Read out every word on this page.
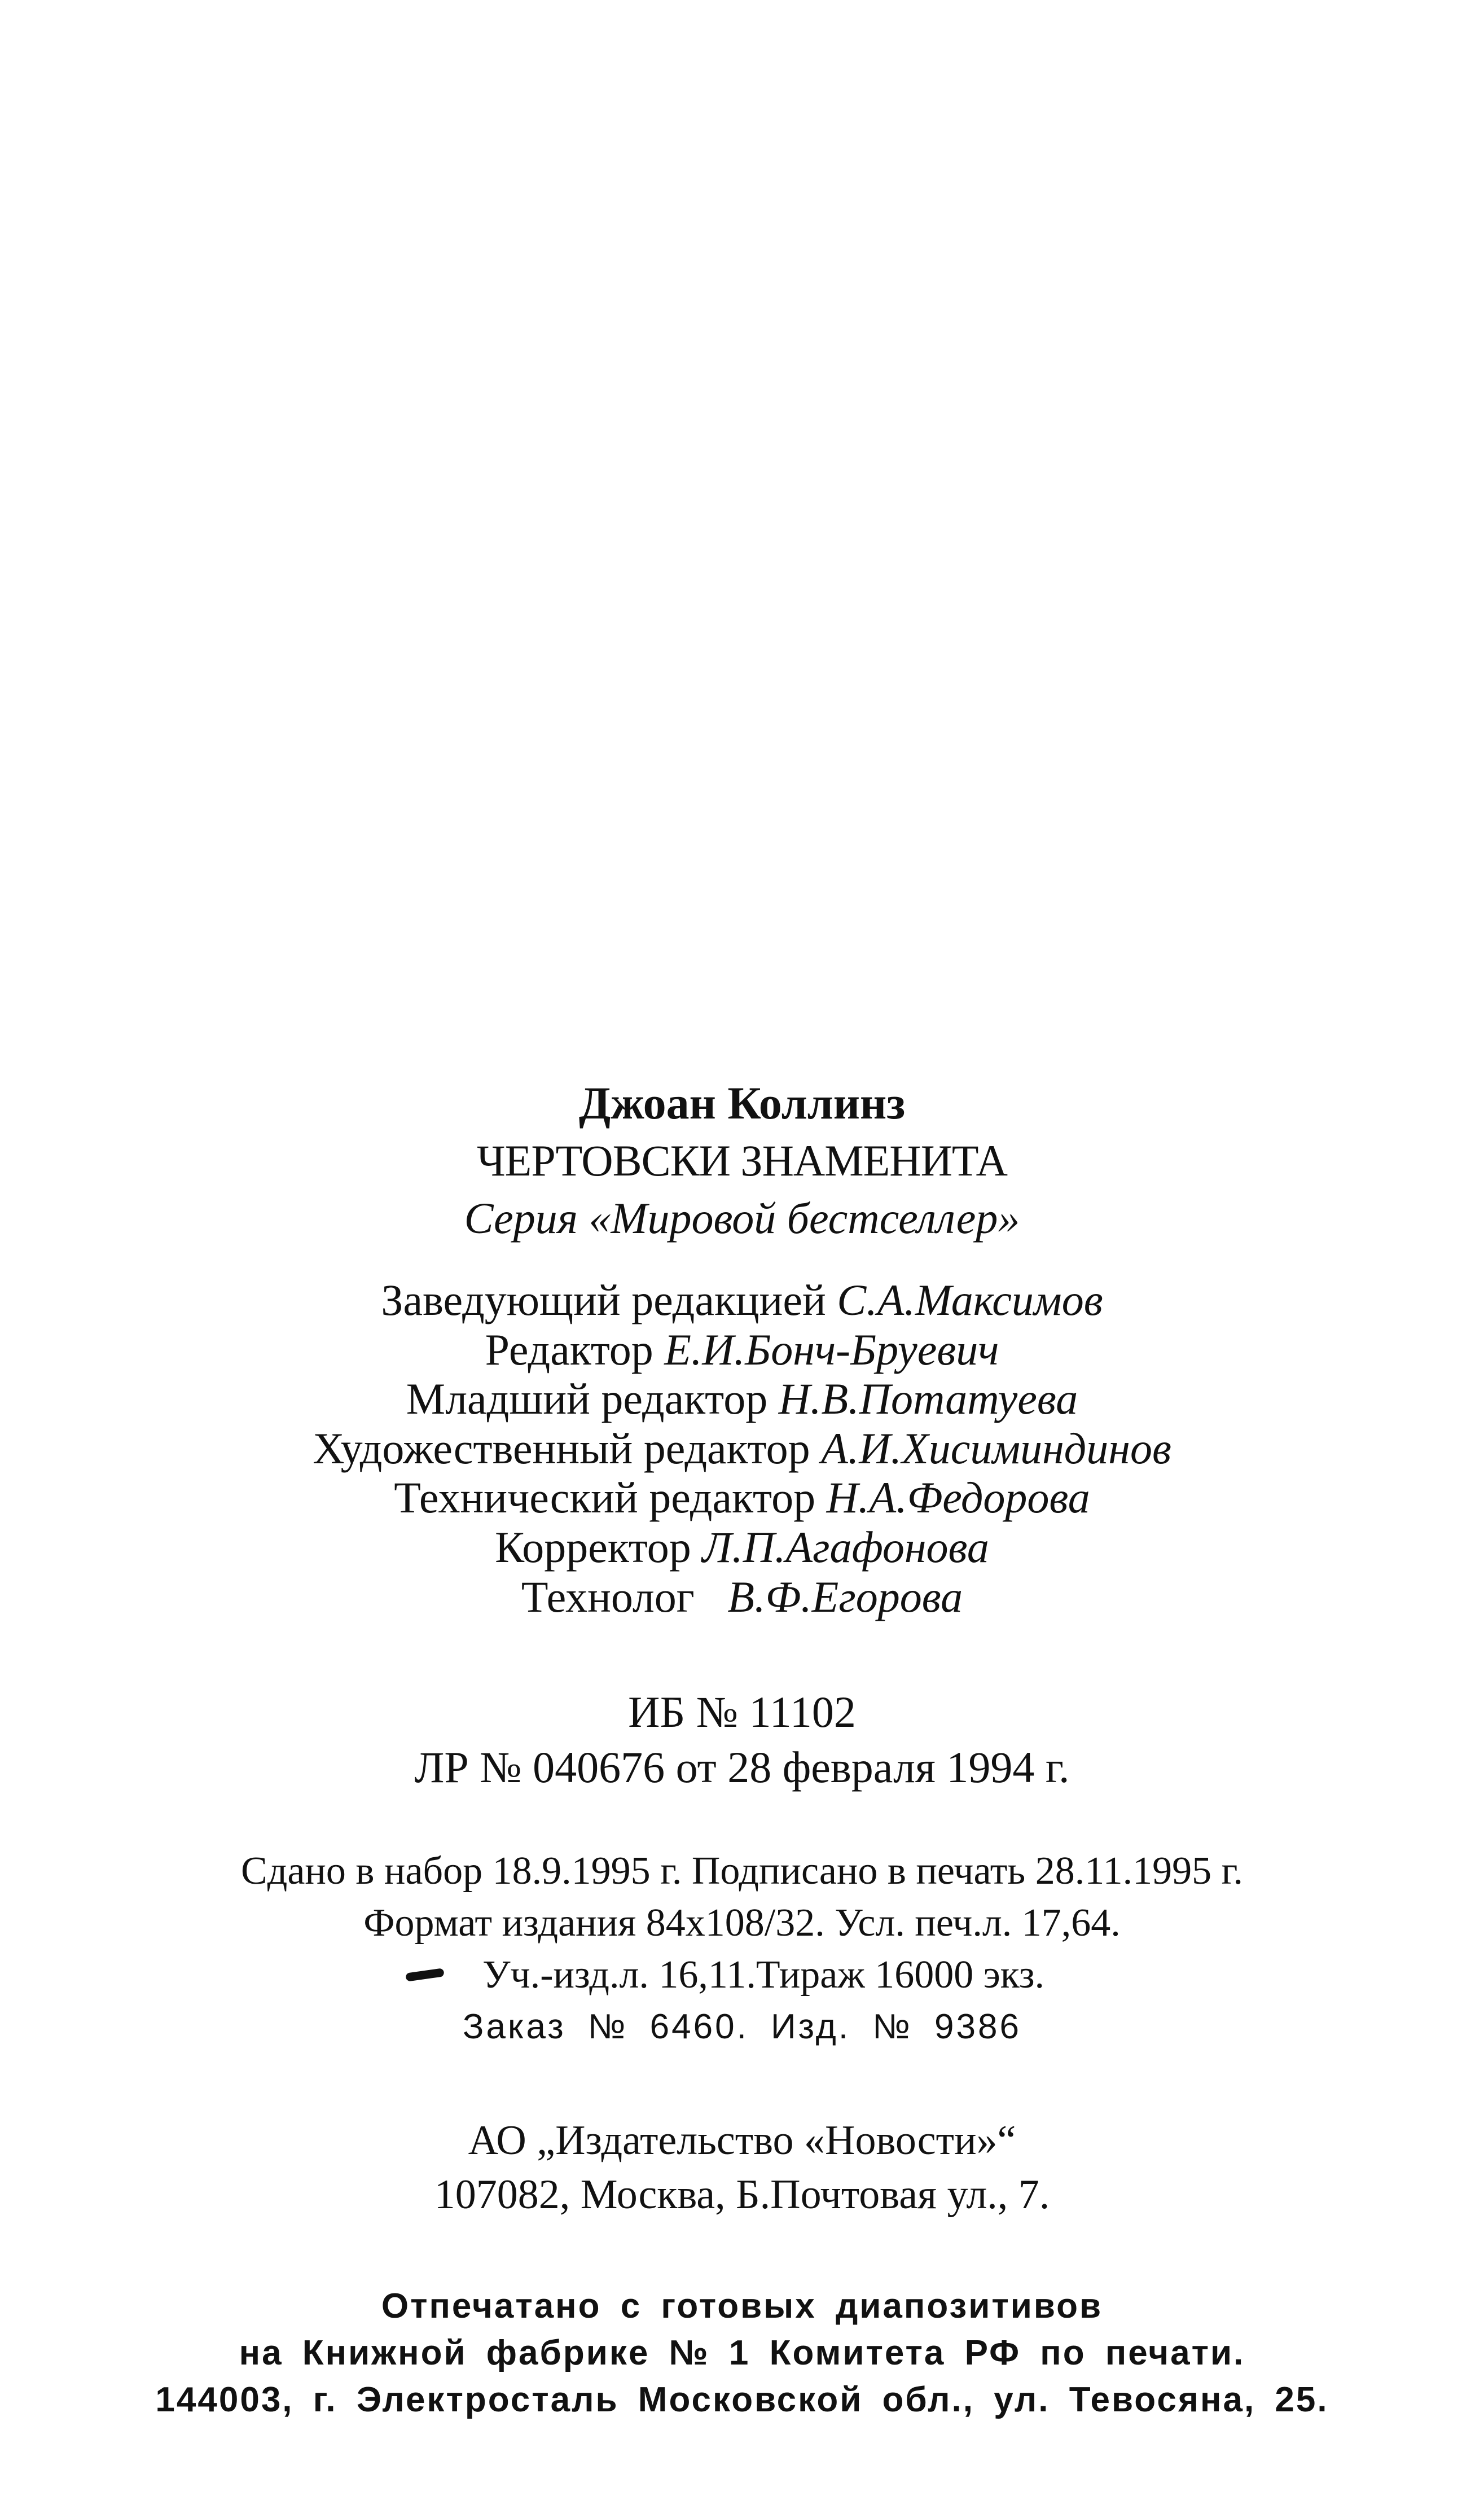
Джоан Коллинз
ЧЕРТОВСКИ ЗНАМЕНИТА
Серия «Мировой бестселлер»
Заведующий редакцией С.А.Максимов
Редактор Е.И.Бонч-Бруевич
Младший редактор Н.В.Потатуева
Художественный редактор А.И.Хисиминдинов
Технический редактор Н.А.Федорова
Корректор Л.П.Агафонова
Технолог В.Ф.Егорова
ИБ № 11102
ЛР № 040676 от 28 февраля 1994 г.
Сдано в набор 18.9.1995 г. Подписано в печать 28.11.1995 г.
Формат издания 84x108/32. Усл. печ.л. 17,64.
Уч.-изд.л. 16,11.Тираж 16000 экз.
Заказ № 6460. Изд. № 9386
АО „Издательство «Новости»“
107082, Москва, Б.Почтовая ул., 7.
Отпечатано с готовых диапозитивов
на Книжной фабрике № 1 Комитета РФ по печати.
144003, г. Электросталь Московской обл., ул. Тевосяна, 25.
